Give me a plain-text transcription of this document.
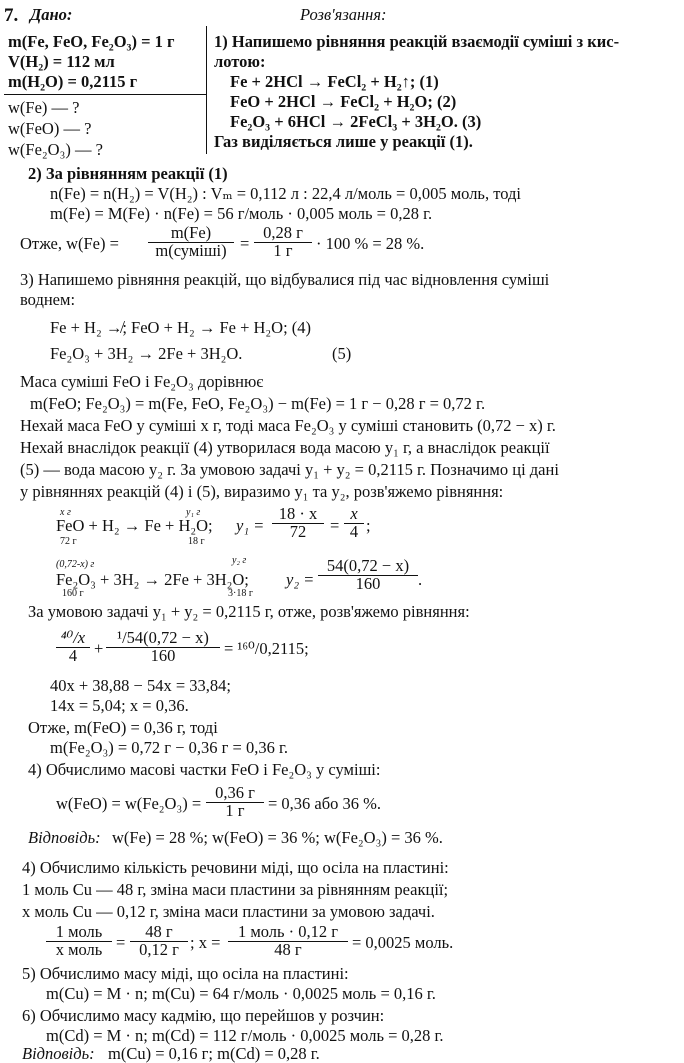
7. Дано:	Розв'язання:
m(Fe, FeO, Fe₂O₃) = 1 г
V(H₂) = 112 мл
m(H₂O) = 0,2115 г
w(Fe) — ?
w(FeO) — ?
w(Fe₂O₃) — ?
1) Напишемо рівняння реакцій взаємодії суміші з кис-
лотою:
Fe + 2HCl → FeCl₂ + H₂↑; (1)
FeO + 2HCl → FeCl₂ + H₂O; (2)
Fe₂O₃ + 6HCl → 2FeCl₃ + 3H₂O. (3)
Газ виділяється лише у реакції (1).
2) За рівнянням реакції (1)
n(Fe) = n(H₂) = V(H₂) : Vₘ = 0,112 л : 22,4 л/моль = 0,005 моль, тоді
m(Fe) = M(Fe) · n(Fe) = 56 г/моль · 0,005 моль = 0,28 г.
Отже, w(Fe) =
m(Fe)
m(суміші) =
0,28 г
1 г	· 100 % = 28 %.
3) Напишемо рівняння реакцій, що відбувалися під час відновлення суміші
воднем:
Fe + H₂ ↛; FeO + H₂ → Fe + H₂O; (4)
Fe₂O₃ + 3H₂ → 2Fe + 3H₂O.	(5)
Маса суміші FeO і Fe₂O₃ дорівнює
m(FeO; Fe₂O₃) = m(Fe, FeO, Fe₂O₃) − m(Fe) = 1 г − 0,28 г = 0,72 г.
Нехай маса FeO у суміші x г, тоді маса Fe₂O₃ у суміші становить (0,72 − x) г.
Нехай внаслідок реакції (4) утворилася вода масою y₁ г, а внаслідок реакції
(5) — вода масою y₂ г. За умовою задачі y₁ + y₂ = 0,2115 г. Позначимо ці дані
у рівняннях реакцій (4) і (5), виразимо y₁ та y₂, розв'яжемо рівняння:
x г	y₁ г
FeO + H₂ → Fe + H₂O;
72 г	18 г
$y_1 = \frac{18 \cdot x}{72} = \frac{x}{4}$ ;
(0,72-x) г	y₂ г
Fe₂O₃ + 3H₂ → 2Fe + 3H₂O;
160 г	3·18 г
$y_2 = \frac{54(0,72 - x)}{160}$ .
За умовою задачі y₁ + y₂ = 0,2115 г, отже, розв'яжемо рівняння:
$\frac{\text{⁴⁰/x}}{4} + \frac{\text{¹/54(0,72 − x)}}{160} = ^{160}/0,2115$;
40x + 38,88 − 54x = 33,84;
14x = 5,04; x = 0,36.
Отже, m(FeO) = 0,36 г, тоді
m(Fe₂O₃) = 0,72 г − 0,36 г = 0,36 г.
4) Обчислимо масові частки FeO і Fe₂O₃ у суміші:
w(FeO) = w(Fe₂O₃) =
0,36 г
1 г	= 0,36 або 36 %.
Відповідь: w(Fe) = 28 %; w(FeO) = 36 %; w(Fe₂O₃) = 36 %.
4) Обчислимо кількість речовини міді, що осіла на пластині:
1 моль Cu — 48 г, зміна маси пластини за рівнянням реакції;
x моль Cu — 0,12 г, зміна маси пластини за умовою задачі.
1 моль
x моль =
48 г
0,12 г ; x =
1 моль · 0,12 г
48 г	= 0,0025 моль.
5) Обчислимо масу міді, що осіла на пластині:
m(Cu) = M · n; m(Cu) = 64 г/моль · 0,0025 моль = 0,16 г.
6) Обчислимо масу кадмію, що перейшов у розчин:
m(Cd) = M · n; m(Cd) = 112 г/моль · 0,0025 моль = 0,28 г.
Відповідь: m(Cu) = 0,16 г; m(Cd) = 0,28 г.
